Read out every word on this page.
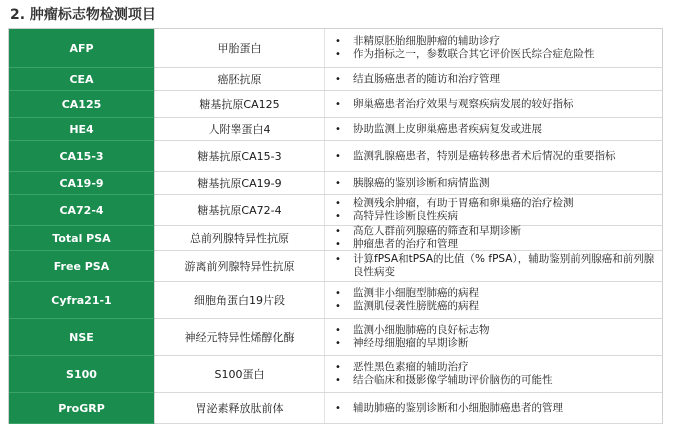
2. 肿瘤标志物检测项目
AFP	甲胎蛋白
•	非精原胚胎细胞肿瘤的辅助诊疗
•	作为指标之一，参数联合其它评价医氏综合症危险性
CEA	癌胚抗原	•	结直肠癌患者的随访和治疗管理
CA125	糖基抗原CA125	•	卵巢癌患者治疗效果与观察疾病发展的较好指标
HE4	人附睾蛋白4	•	协助监测上皮卵巢癌患者疾病复发或进展
CA15-3	糖基抗原CA15-3	•	监测乳腺癌患者，特别是癌转移患者术后情况的重要指标
CA19-9	糖基抗原CA19-9	•	胰腺癌的鉴别诊断和病情监测
CA72-4	糖基抗原CA72-4
•	检测残余肿瘤，有助于胃癌和卵巢癌的治疗检测
•	高特异性诊断良性疾病
Total PSA	总前列腺特异性抗原
•	高危人群前列腺癌的筛查和早期诊断
•	肿瘤患者的治疗和管理
Free PSA	游离前列腺特异性抗原
•	计算fPSA和tPSA的比值（% fPSA），辅助鉴别前列腺癌和前列腺良性病变
Cyfra21-1	细胞角蛋白19片段
•	监测非小细胞型肺癌的病程
•	监测肌侵袭性膀胱癌的病程
NSE	神经元特异性烯醇化酶
•	监测小细胞肺癌的良好标志物
•	神经母细胞瘤的早期诊断
S100	S100蛋白
•	恶性黑色素瘤的辅助治疗
•	结合临床和摄影像学辅助评价脑伤的可能性
ProGRP	胃泌素释放肽前体	•	辅助肺癌的鉴别诊断和小细胞肺癌患者的管理
